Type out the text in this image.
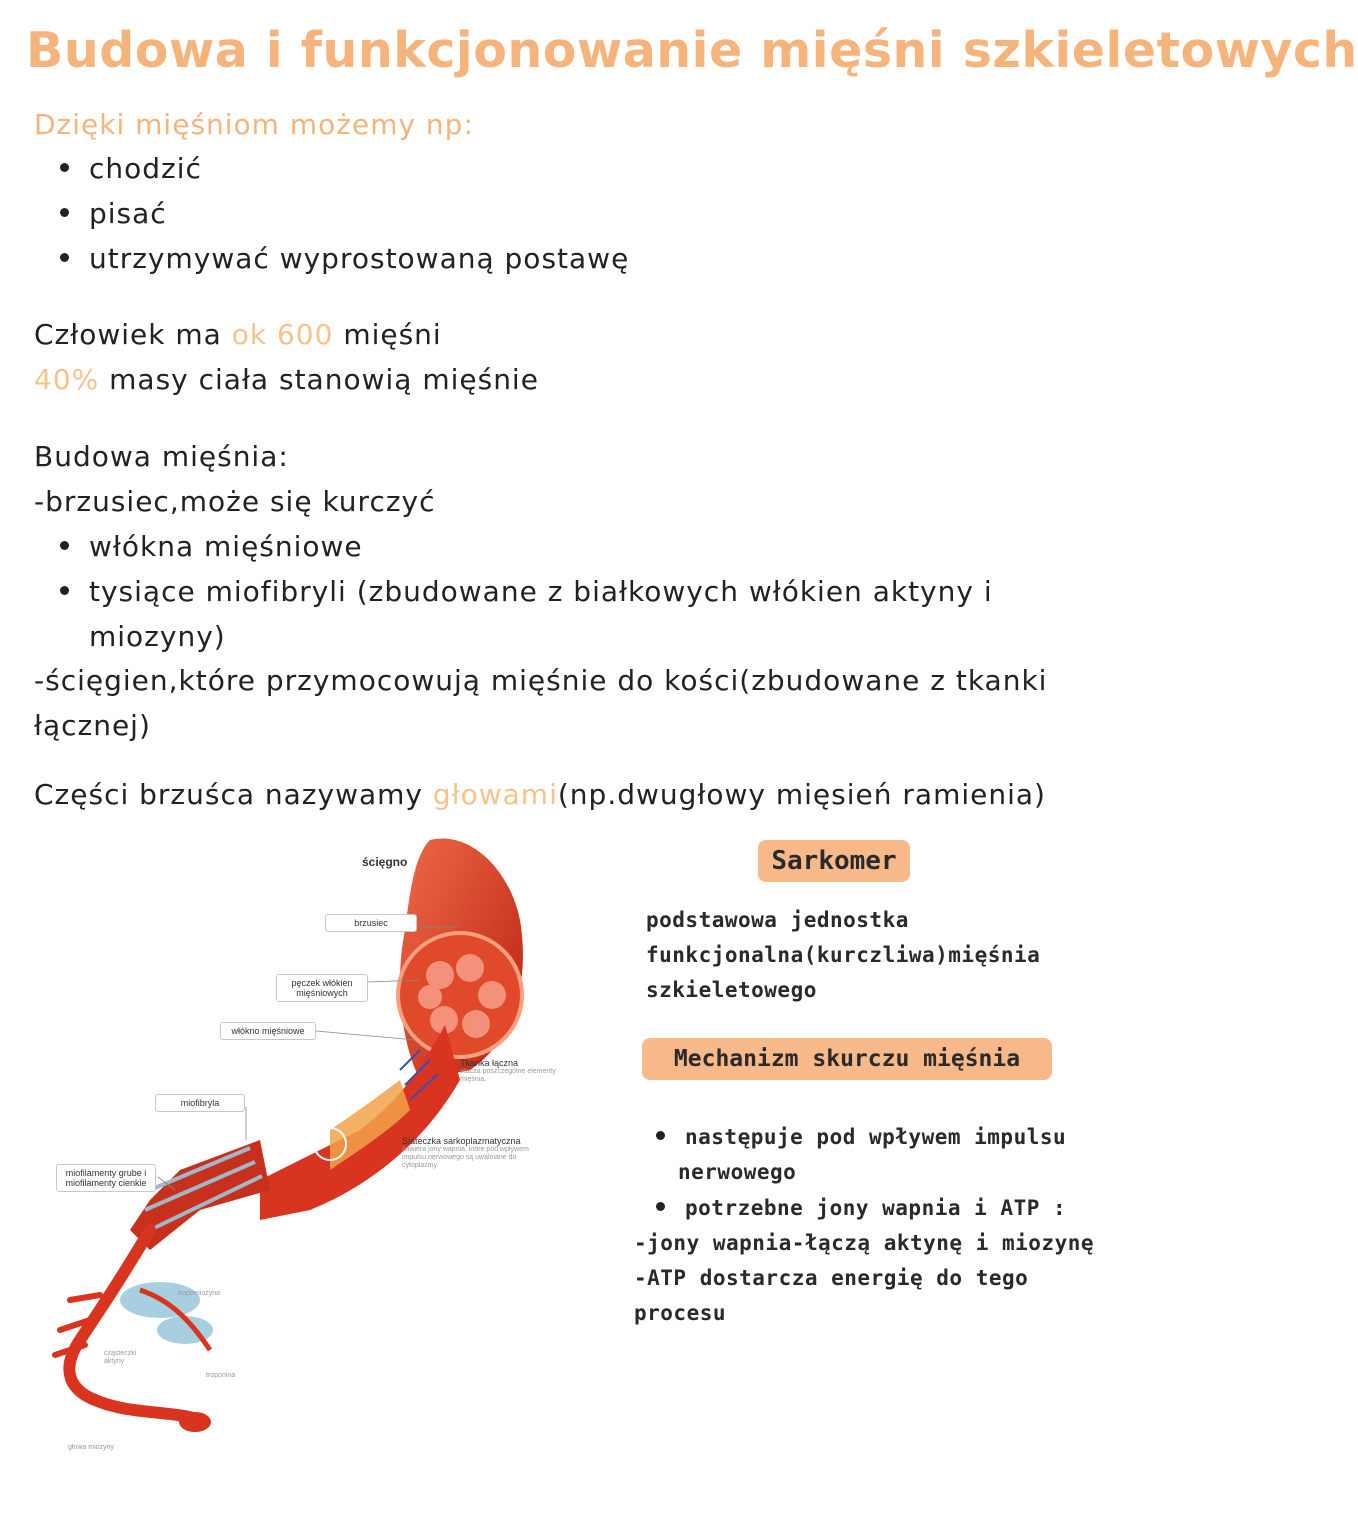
Budowa i funkcjonowanie mięśni szkieletowych
Dzięki mięśniom możemy np:
chodzić
pisać
utrzymywać wyprostowaną postawę
Człowiek ma ok 600 mięśni
40% masy ciała stanowią mięśnie
Budowa mięśnia:
-brzusiec,może się kurczyć
włókna mięśniowe
tysiące miofibryli (zbudowane z białkowych włókien aktyny i
miozyny)
-ścięgien,które przymocowują mięśnie do kości(zbudowane z tkanki
łącznej)
Części brzuśca nazywamy głowami(np.dwugłowy mięsień ramienia)
ścięgno
brzusiec
pęczek włókien mięśniowych
włókno mięśniowe
miofibryla
miofilamenty grube i miofilamenty cienkie
Tkanka łączna
otacza poszczególne elementy mięśnia.
Siateczka sarkoplazmatyczna
zawiera jony wapnia, które pod wpływem impulsu nerwowego są uwalniane do cytoplazmy.
tropomiozyna
cząsteczki aktyny
troponina
głowa miozyny
Sarkomer
podstawowa jednostka
funkcjonalna(kurczliwa)mięśnia
szkieletowego
Mechanizm skurczu mięśnia
następuje pod wpływem impulsu
nerwowego
potrzebne jony wapnia i ATP :
-jony wapnia-łączą aktynę i miozynę
-ATP dostarcza energię do tego
procesu
